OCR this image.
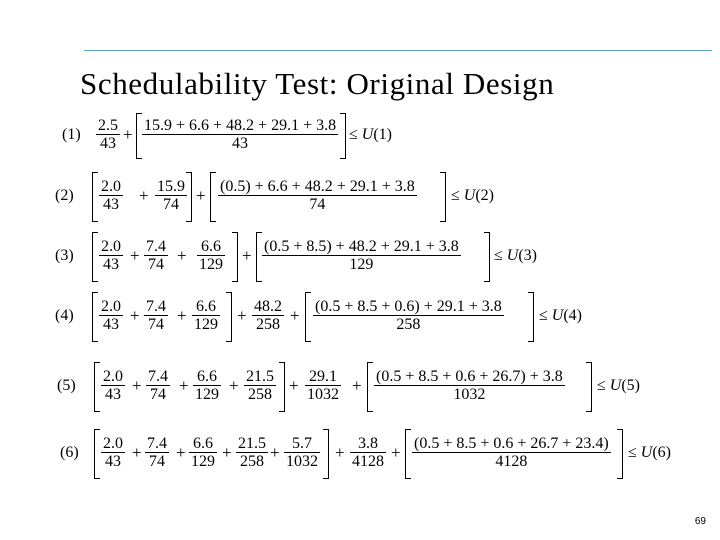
Schedulability Test: Original Design
(1)
2.5
43 + 15.9 + 6.6 + 48.2 + 29.1 + 3.8
43
≤ U(1)
(2)
2.0
43 + 15.9
74 + (0.5) + 6.6 + 48.2 + 29.1 + 3.8
74
≤ U(2)
(3)
2.0
43 + 7.4
74 + 6.6
129 + (0.5 + 8.5) + 48.2 + 29.1 + 3.8
129
≤ U(3)
(4)
2.0
43 + 7.4
74 + 6.6
129 + 48.2
258 + (0.5 + 8.5 + 0.6) + 29.1 + 3.8
258
≤ U(4)
(5)
2.0
43 + 7.4
74 + 6.6
129 + 21.5
258 + 29.1
1032 + (0.5 + 8.5 + 0.6 + 26.7) + 3.8
1032
≤ U(5)
(6)
2.0
43 + 7.4
74 + 6.6
129 + 21.5
258 + 5.7
1032 + 3.8
4128 + (0.5 + 8.5 + 0.6 + 26.7 + 23.4)
4128
≤ U(6)
69
